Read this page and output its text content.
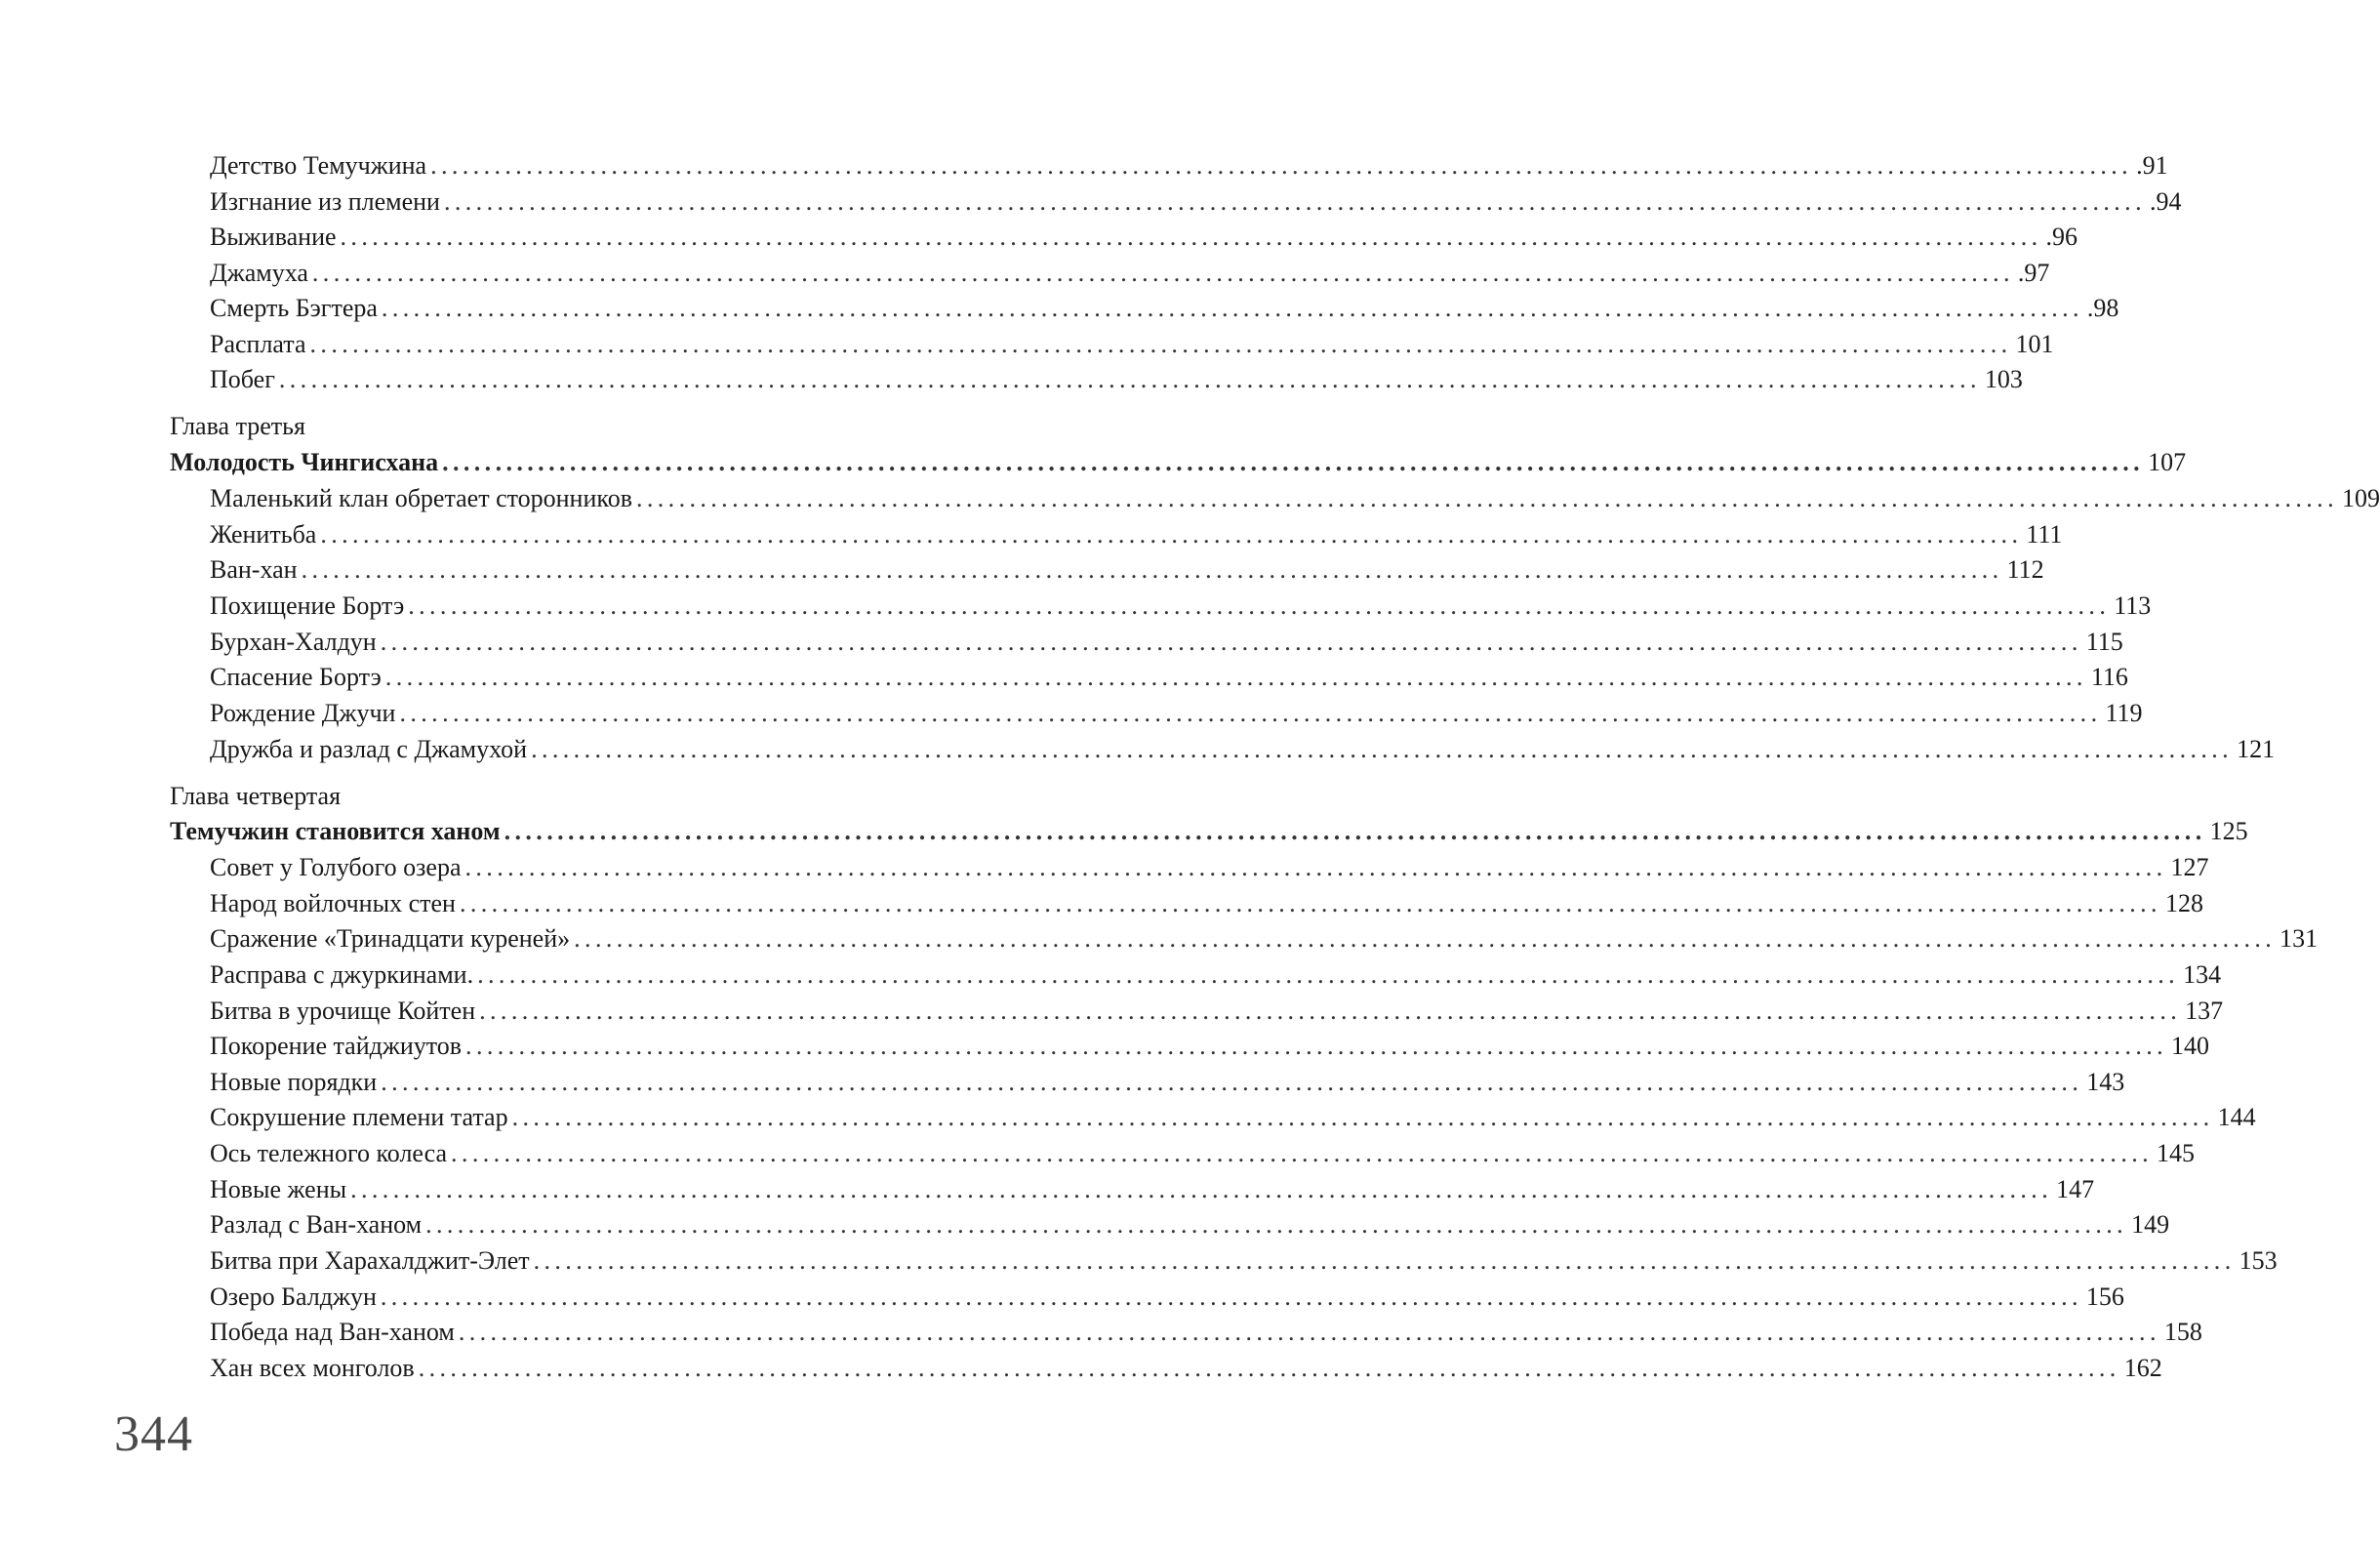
Детство Темучжина ................................................................................................................................................................ .91
Изгнание из племени ................................................................................................................................................................ .94
Выживание ................................................................................................................................................................ .96
Джамуха ................................................................................................................................................................ .97
Смерть Бэгтера ................................................................................................................................................................ .98
Расплата ................................................................................................................................................................ 101
Побег ................................................................................................................................................................ 103
Глава третья
Молодость Чингисхана ................................................................................................................................................................ 107
Маленький клан обретает сторонников ................................................................................................................................................................ 109
Женитьба ................................................................................................................................................................ 111
Ван-хан ................................................................................................................................................................ 112
Похищение Бортэ ................................................................................................................................................................ 113
Бурхан-Халдун ................................................................................................................................................................ 115
Спасение Бортэ ................................................................................................................................................................ 116
Рождение Джучи ................................................................................................................................................................ 119
Дружба и разлад с Джамухой ................................................................................................................................................................ 121
Глава четвертая
Темучжин становится ханом ................................................................................................................................................................ 125
Совет у Голубого озера ................................................................................................................................................................ 127
Народ войлочных стен ................................................................................................................................................................ 128
Сражение «Тринадцати куреней» ................................................................................................................................................................ 131
Расправа с джуркинами. ................................................................................................................................................................ 134
Битва в урочище Койтен ................................................................................................................................................................ 137
Покорение тайджиутов ................................................................................................................................................................ 140
Новые порядки ................................................................................................................................................................ 143
Сокрушение племени татар ................................................................................................................................................................ 144
Ось тележного колеса ................................................................................................................................................................ 145
Новые жены ................................................................................................................................................................ 147
Разлад с Ван-ханом ................................................................................................................................................................ 149
Битва при Харахалджит-Элет ................................................................................................................................................................ 153
Озеро Балджун ................................................................................................................................................................ 156
Победа над Ван-ханом ................................................................................................................................................................ 158
Хан всех монголов ................................................................................................................................................................ 162
344
